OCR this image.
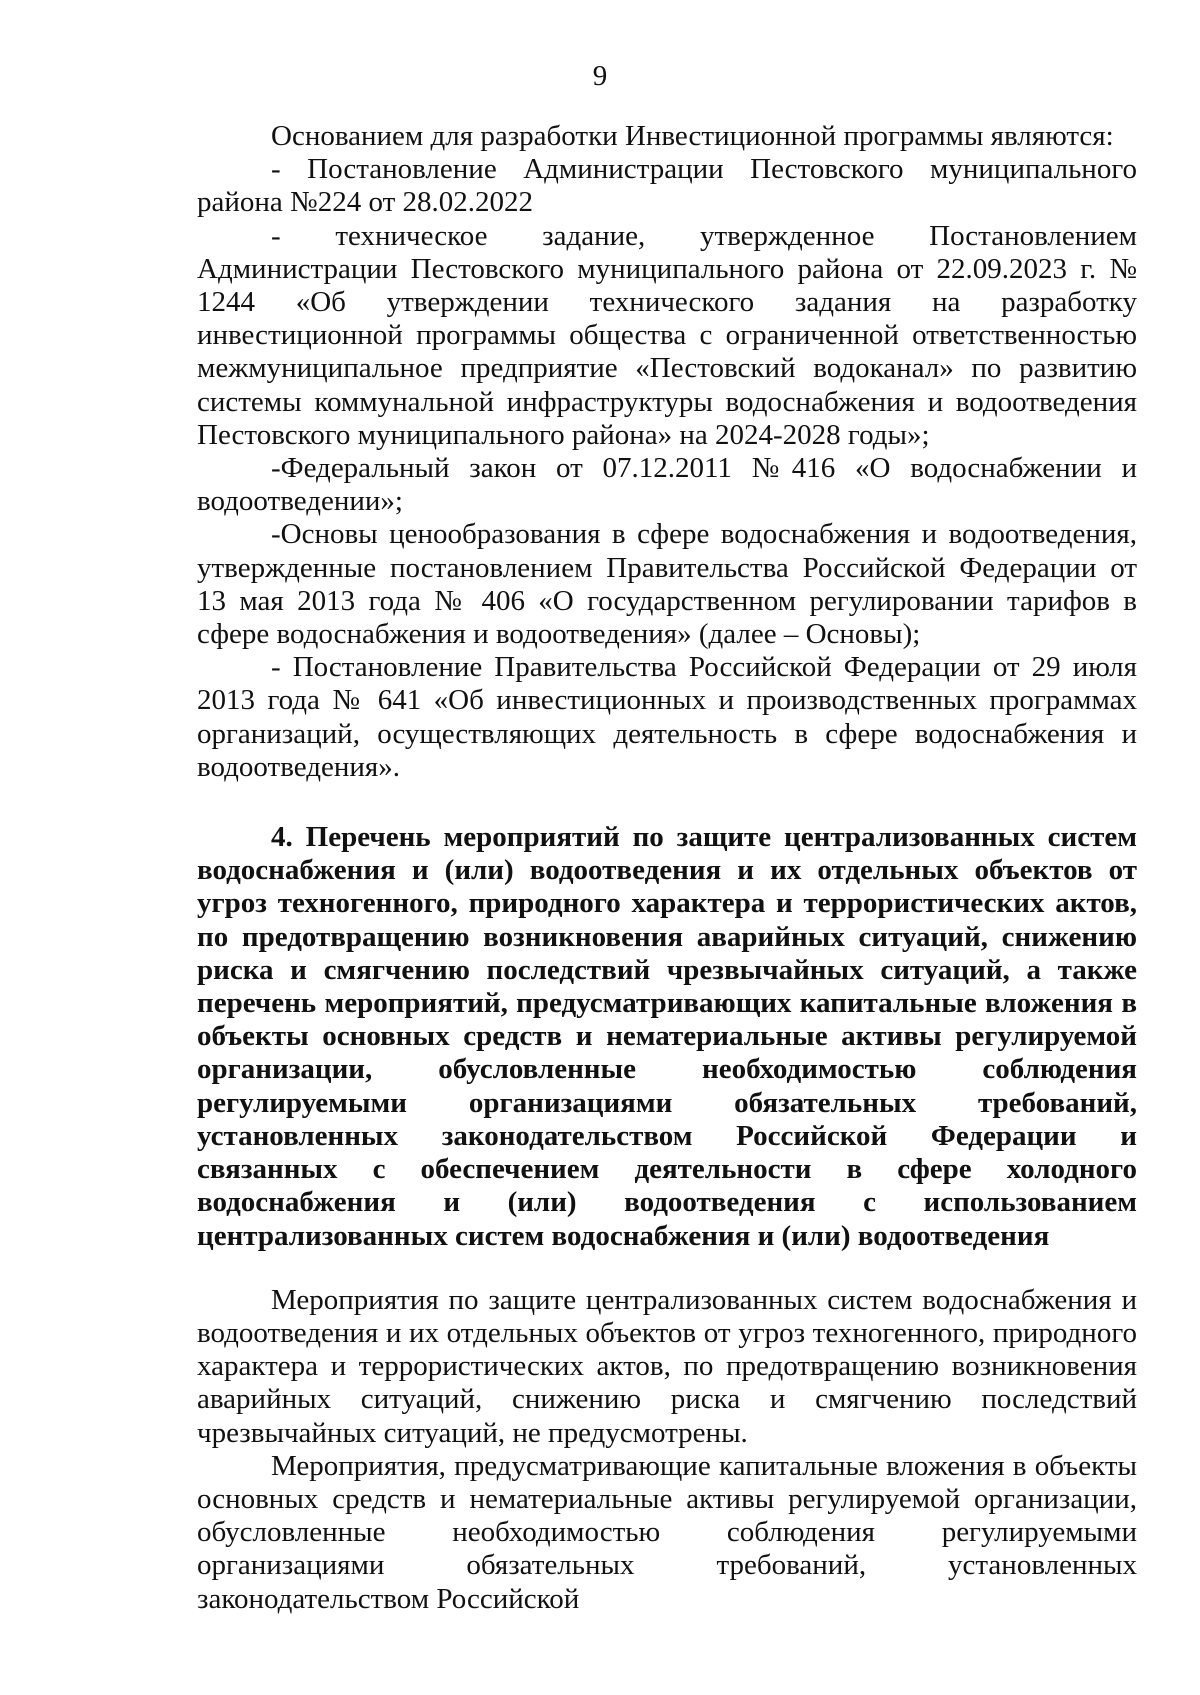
9

Основанием для разработки Инвестиционной программы являются:

- Постановление Администрации Пестовского муниципального района №224 от 28.02.2022

- техническое задание, утвержденное Постановлением Администрации Пестовского муниципального района от 22.09.2023 г. № 1244 «Об утверждении технического задания на разработку инвестиционной программы общества с ограниченной ответственностью межмуниципальное предприятие «Пестовский водоканал» по развитию системы коммунальной инфраструктуры водоснабжения и водоотведения Пестовского муниципального района» на 2024-2028 годы»;

-Федеральный закон от 07.12.2011 №416 «О водоснабжении и водоотведении»;

-Основы ценообразования в сфере водоснабжения и водоотведения, утвержденные постановлением Правительства Российской Федерации от 13 мая 2013 года № 406 «О государственном регулировании тарифов в сфере водоснабжения и водоотведения» (далее – Основы);

- Постановление Правительства Российской Федерации от 29 июля 2013 года № 641 «Об инвестиционных и производственных программах организаций, осуществляющих деятельность в сфере водоснабжения и водоотведения».

4. Перечень мероприятий по защите централизованных систем водоснабжения и (или) водоотведения и их отдельных объектов от угроз техногенного, природного характера и террористических актов, по предотвращению возникновения аварийных ситуаций, снижению риска и смягчению последствий чрезвычайных ситуаций, а также перечень мероприятий, предусматривающих капитальные вложения в объекты основных средств и нематериальные активы регулируемой организации, обусловленные необходимостью соблюдения регулируемыми организациями обязательных требований, установленных законодательством Российской Федерации и связанных с обеспечением деятельности в сфере холодного водоснабжения и (или) водоотведения с использованием централизованных систем водоснабжения и (или) водоотведения

Мероприятия по защите централизованных систем водоснабжения и водоотведения и их отдельных объектов от угроз техногенного, природного характера и террористических актов, по предотвращению возникновения аварийных ситуаций, снижению риска и смягчению последствий чрезвычайных ситуаций, не предусмотрены.

Мероприятия, предусматривающие капитальные вложения в объекты основных средств и нематериальные активы регулируемой организации, обусловленные необходимостью соблюдения регулируемыми организациями обязательных требований, установленных законодательством Российской
